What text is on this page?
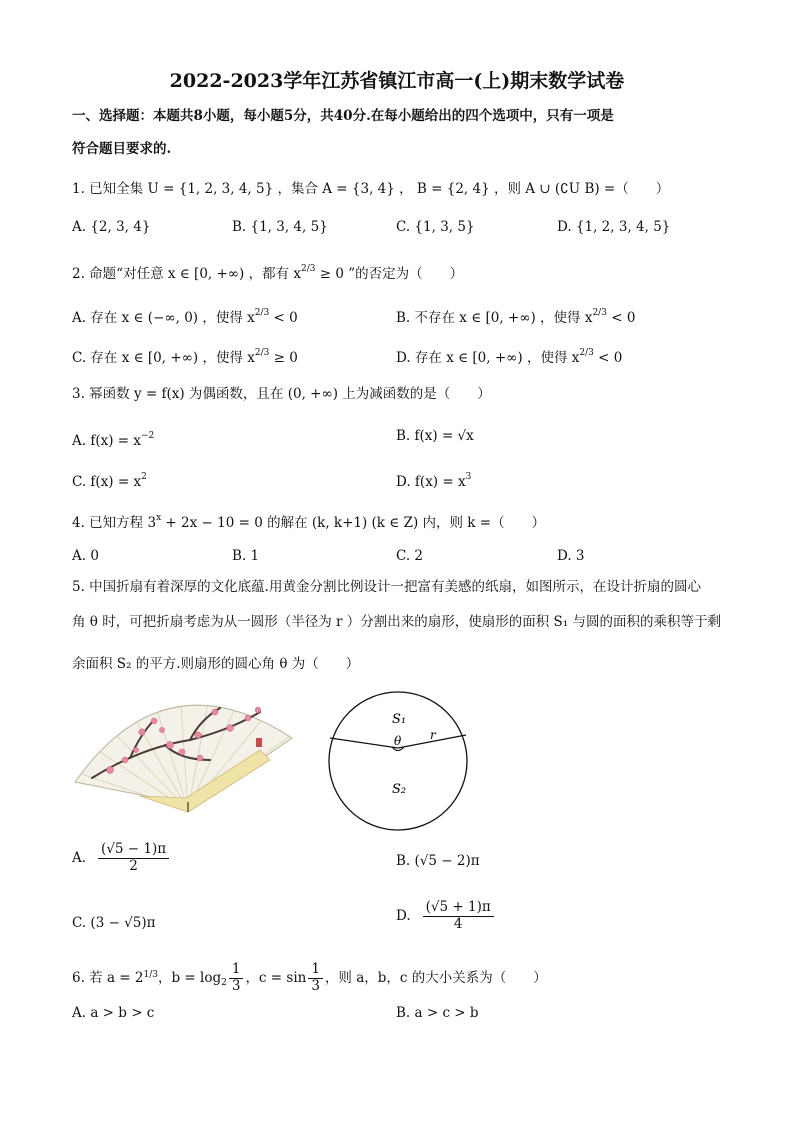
2022-2023学年江苏省镇江市高一(上)期末数学试卷
一、选择题：本题共8小题，每小题5分，共40分.在每小题给出的四个选项中，只有一项是
符合题目要求的.
1. 已知全集 U = {1, 2, 3, 4, 5} ，集合 A = {3, 4} ， B = {2, 4} ，则 A ∪ (∁U B) =（　　）
A. {2, 3, 4}	B. {1, 3, 4, 5}	C. {1, 3, 5}	D. {1, 2, 3, 4, 5}
2. 命题“对任意 x ∈ [0, +∞) ，都有 $x^{2/3} \ge 0$ ”的否定为（　　）
A. 存在 x ∈ (−∞, 0) ，使得 $x^{2/3} < 0$	B. 不存在 x ∈ [0, +∞) ，使得 $x^{2/3} < 0$
C. 存在 x ∈ [0, +∞) ，使得 $x^{2/3} \ge 0$	D. 存在 x ∈ [0, +∞) ，使得 $x^{2/3} < 0$
3. 幂函数 y = f(x) 为偶函数，且在 (0, +∞) 上为减函数的是（　　）
A. $f(x) = x^{-2}$	B. f(x) = √x
C. $f(x) = x^2$	D. $f(x) = x^3$
4. 已知方程 $3^x + 2x - 10 = 0$ 的解在 (k, k+1) (k ∈ Z) 内，则 k =（　　）
A. 0	B. 1	C. 2	D. 3
5. 中国折扇有着深厚的文化底蕴.用黄金分割比例设计一把富有美感的纸扇，如图所示，在设计折扇的圆心
角 θ 时，可把折扇考虑为从一圆形（半径为 r ）分割出来的扇形，使扇形的面积 S₁ 与圆的面积的乘积等于剩
余面积 S₂ 的平方.则扇形的圆心角 θ 为（　　）
S₁
θ r
S₂
A. $\frac{(√5 - 1)\pi}{2}$	B. (√5 − 2)π
C. (3 − √5)π	D. $\frac{(√5 + 1)\pi}{4}$
6. 若 a = 2 1/3 ，$b = \log 2 \frac{1}{3}$ ，$c = \sin \frac{1}{3}$ ，则 a，b，c 的大小关系为（　　）
A. a > b > c	B. a > c > b
